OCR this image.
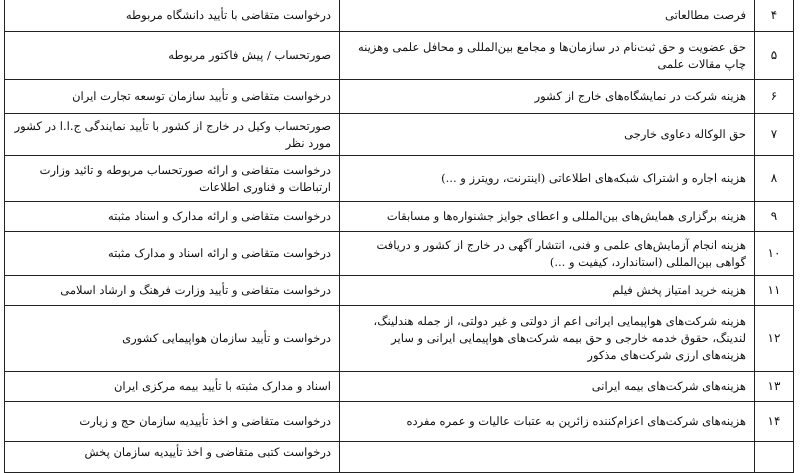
۴	فرصت مطالعاتی	درخواست متقاضی با تأیید دانشگاه مربوطه
۵	حق عضویت و حق ثبت‌نام در سازمان‌ها و مجامع بین‌المللی و محافل علمی وهزینه چاپ مقالات علمی	صورتحساب / پیش فاکتور مربوطه
۶	هزینه شرکت در نمایشگاه‌های خارج از کشور	درخواست متقاضی و تأیید سازمان توسعه تجارت ایران
۷	حق الوکاله دعاوی خارجی	صورتحساب وکیل در خارج از کشور با تأیید نمایندگی ج.ا.ا در کشور مورد نظر
۸	هزینه اجاره و اشتراک شبکه‌های اطلاعاتی (اینترنت، رویترز و ...)	درخواست متقاضی و ارائه صورتحساب مربوطه و تائید وزارت ارتباطات و فناوری اطلاعات
۹	هزینه برگزاری همایش‌های بین‌المللی و اعطای جوایز جشنواره‌ها و مسابقات	درخواست متقاضی و ارائه مدارک و اسناد مثبته
۱۰	هزینه انجام آزمایش‌های علمی و فنی، انتشار آگهی در خارج از کشور و دریافت گواهی بین‌المللی (استاندارد، کیفیت و ...)	درخواست متقاضی و ارائه اسناد و مدارک مثبته
۱۱	هزینه خرید امتیاز پخش فیلم	درخواست متقاضی و تأیید وزارت فرهنگ و ارشاد اسلامی
۱۲	هزینه شرکت‌های هواپیمایی ایرانی اعم از دولتی و غیر دولتی، از جمله هندلینگ، لندینگ، حقوق خدمه خارجی و حق بیمه شرکت‌های هواپیمایی ایرانی و سایر هزینه‌های ارزی شرکت‌های مذکور	درخواست و تأیید سازمان هواپیمایی کشوری
۱۳	هزینه‌های شرکت‌های بیمه ایرانی	اسناد و مدارک مثبته با تأیید بیمه مرکزی ایران
۱۴	هزینه‌های شرکت‌های اعزام‌کننده زائرین به عتبات عالیات و عمره مفرده	درخواست متقاضی و اخذ تأییدیه سازمان حج و زیارت

		درخواست کتبی متقاضی و اخذ تأییدیه سازمان پخش
